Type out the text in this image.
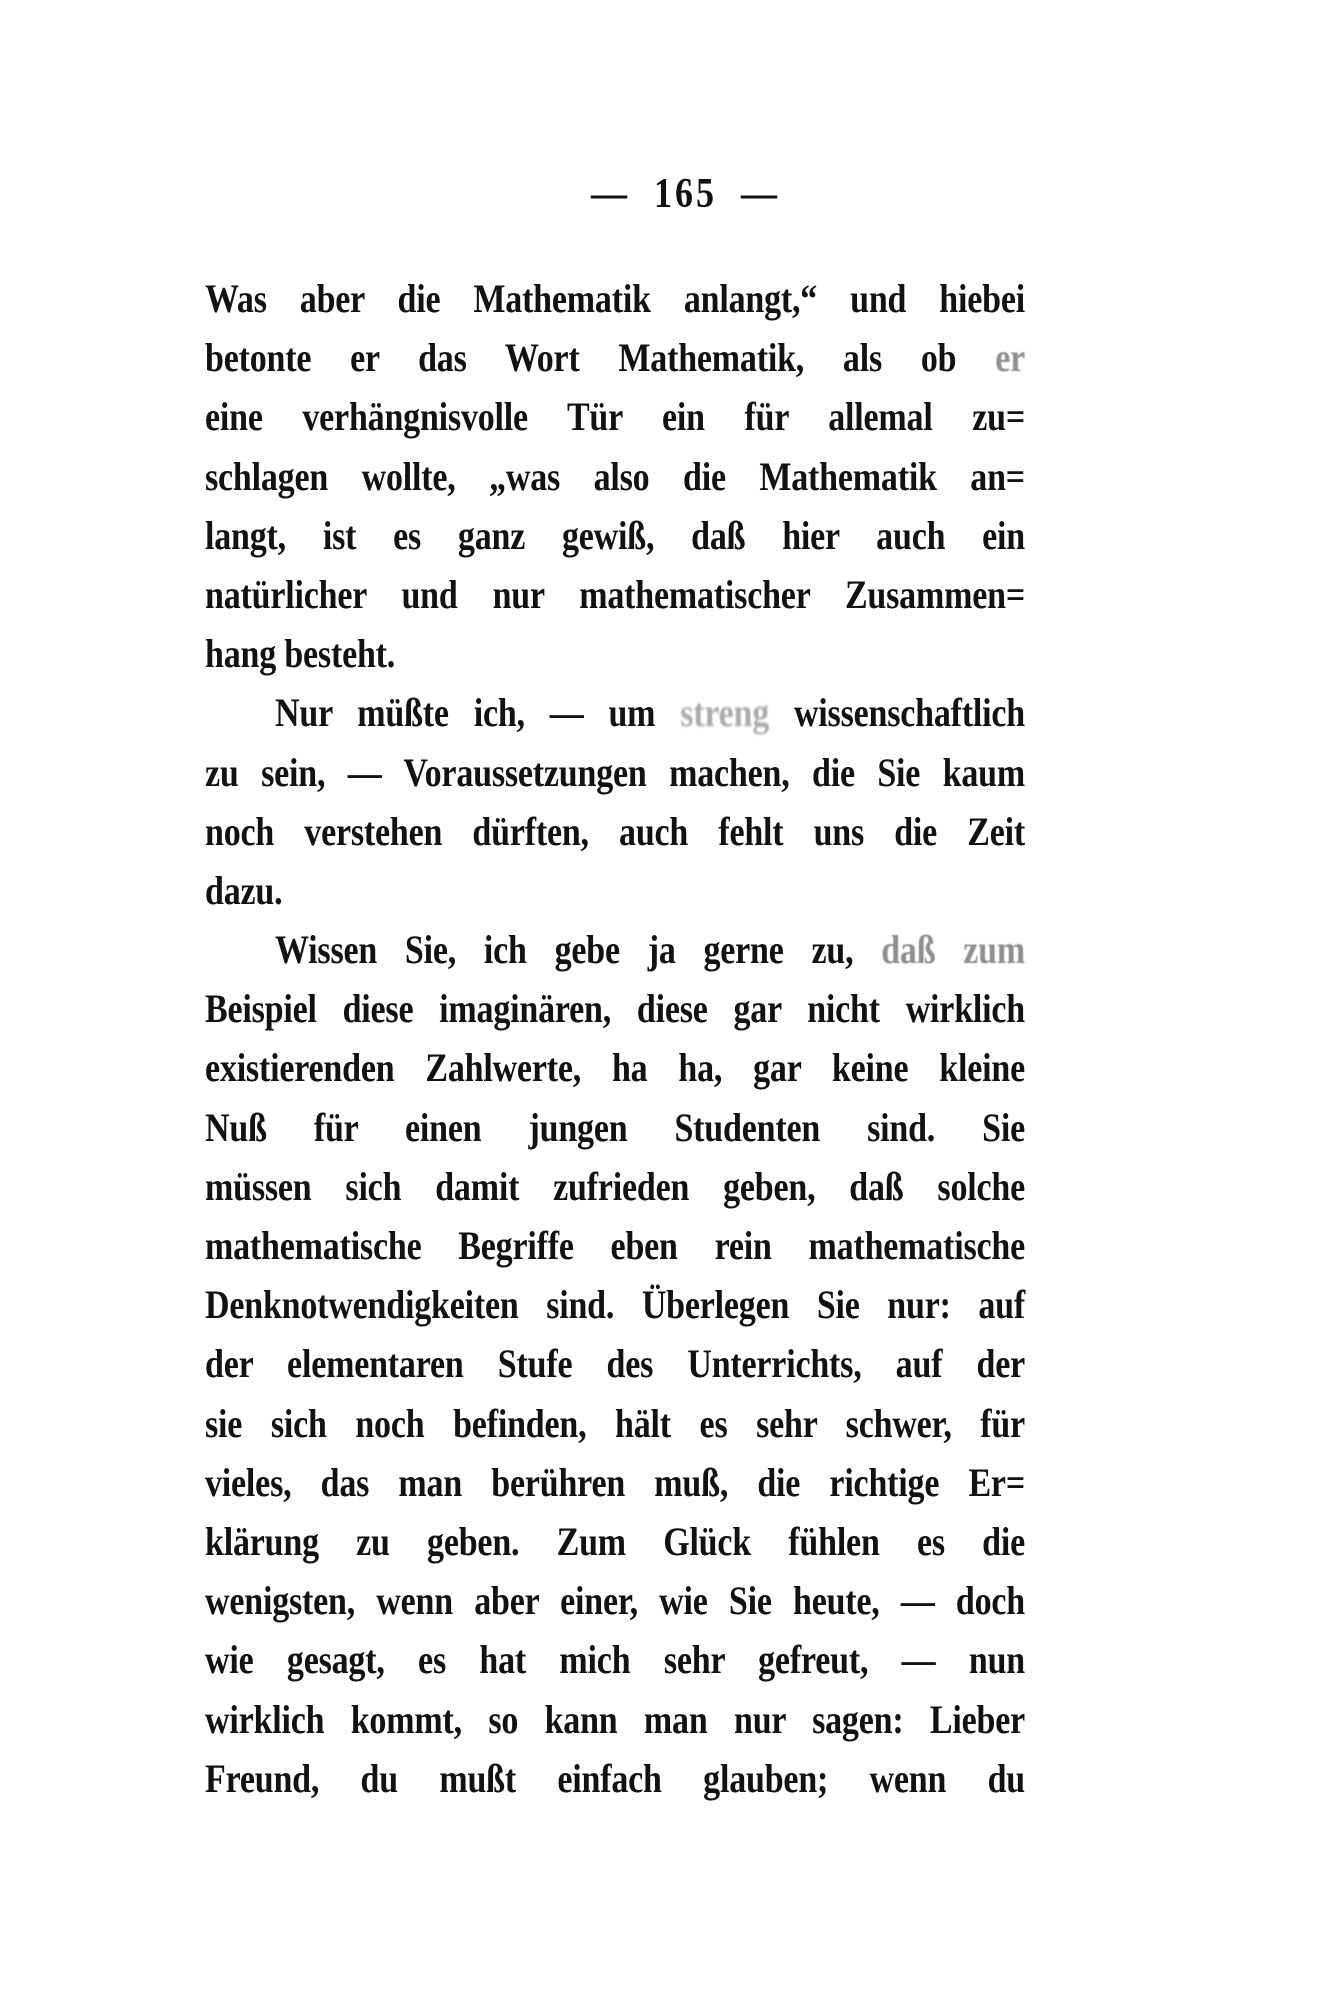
—  165  —
Was aber die Mathematik anlangt,“ und hiebei
betonte er das Wort Mathematik, als ob er
eine verhängnisvolle Tür ein für allemal zu=
schlagen wollte, „was also die Mathematik an=
langt, ist es ganz gewiß, daß hier auch ein
natürlicher und nur mathematischer Zusammen=
hang besteht.
Nur müßte ich, — um streng wissenschaftlich
zu sein, — Voraussetzungen machen, die Sie kaum
noch verstehen dürften, auch fehlt uns die Zeit
dazu.
Wissen Sie, ich gebe ja gerne zu, daß zum
Beispiel diese imaginären, diese gar nicht wirklich
existierenden Zahlwerte, ha ha, gar keine kleine
Nuß für einen jungen Studenten sind. Sie
müssen sich damit zufrieden geben, daß solche
mathematische Begriffe eben rein mathematische
Denknotwendigkeiten sind. Überlegen Sie nur: auf
der elementaren Stufe des Unterrichts, auf der
sie sich noch befinden, hält es sehr schwer, für
vieles, das man berühren muß, die richtige Er=
klärung zu geben. Zum Glück fühlen es die
wenigsten, wenn aber einer, wie Sie heute, — doch
wie gesagt, es hat mich sehr gefreut, — nun
wirklich kommt, so kann man nur sagen: Lieber
Freund, du mußt einfach glauben; wenn du
